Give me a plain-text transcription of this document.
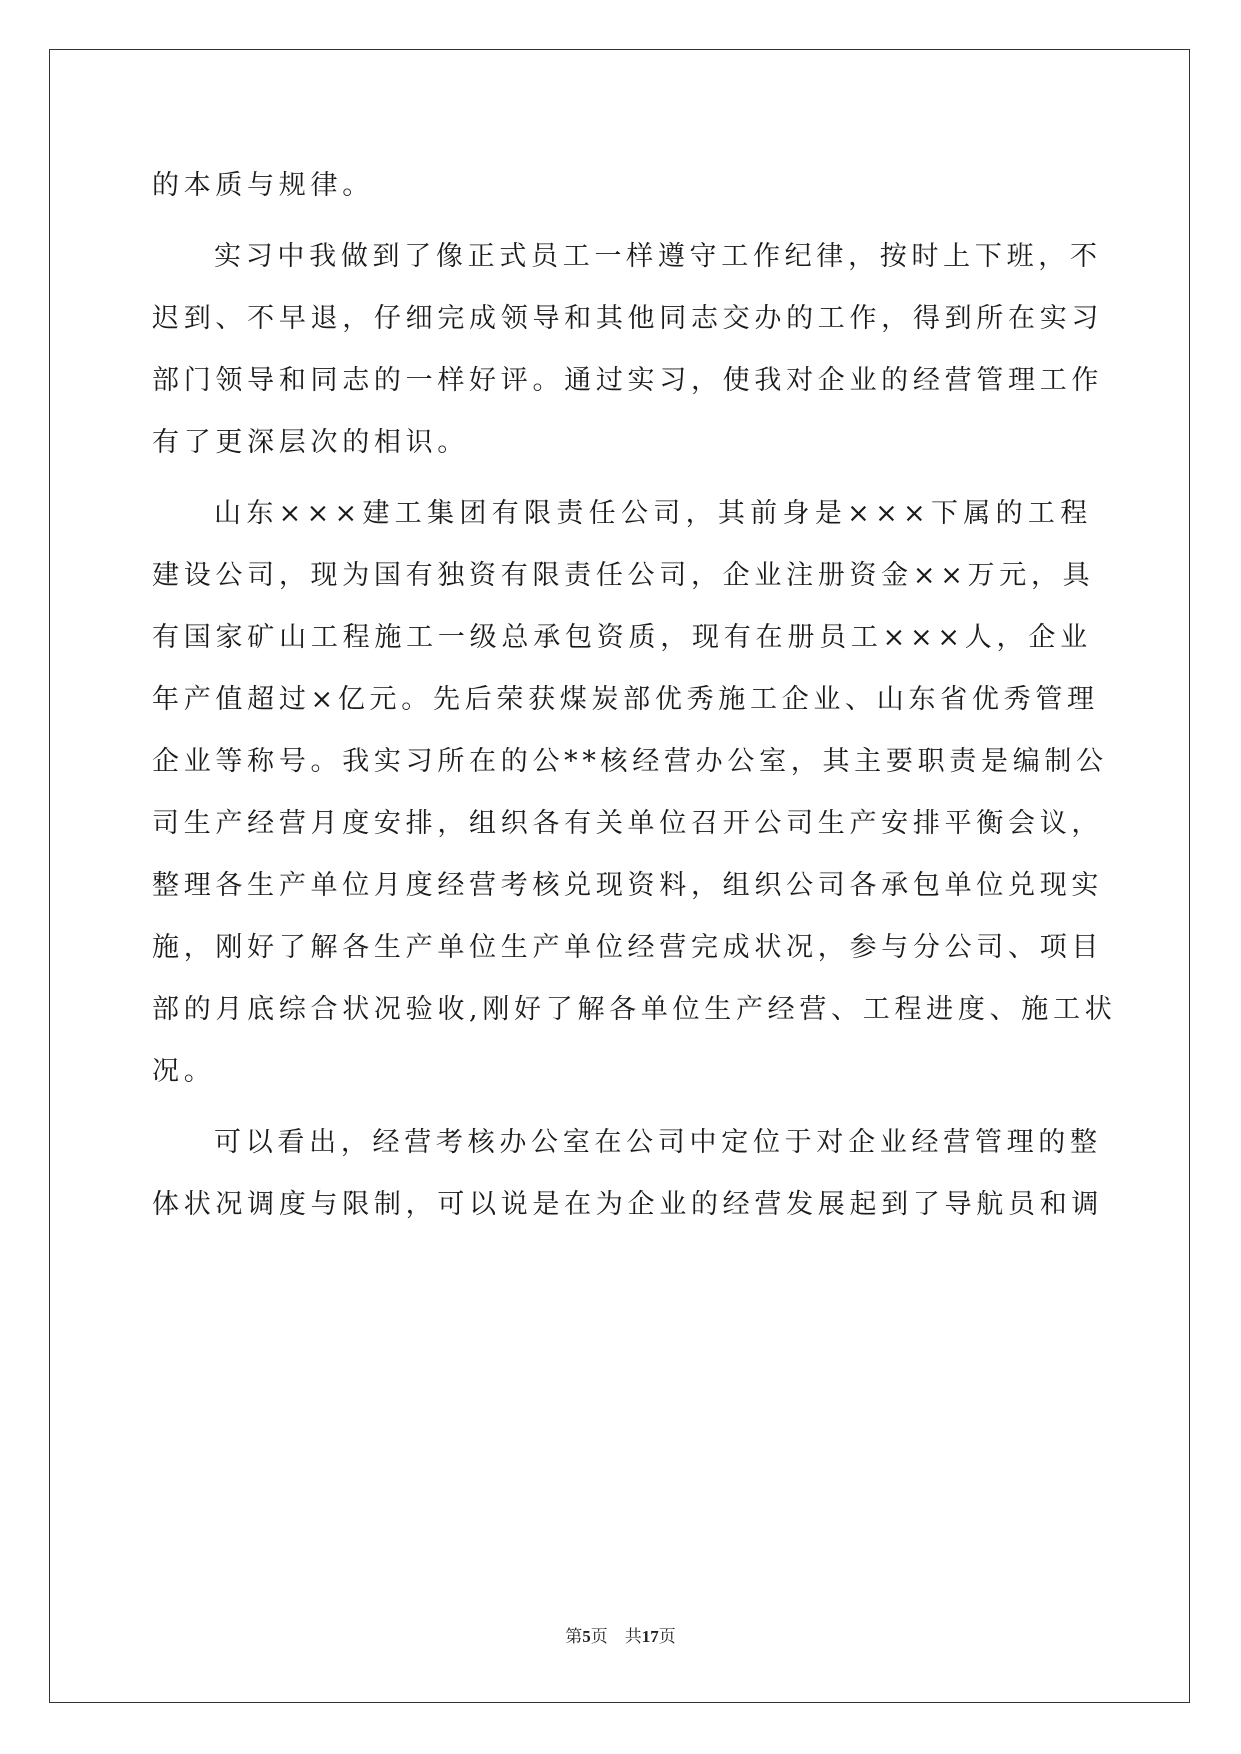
的本质与规律。
实 习 中 我 做 到 了 像 正 式 员 工 一 样 遵 守 工 作 纪 律 ， 按 时 上 下 班 ， 不
迟 到 、 不 早 退 ， 仔 细 完 成 领 导 和 其 他 同 志 交 办 的 工 作 ， 得 到 所 在 实 习
部 门 领 导 和 同 志 的 一 样 好 评 。 通 过 实 习 ， 使 我 对 企 业 的 经 营 管 理 工 作
有了更深层次的相识。
山 东 × × × 建 工 集 团 有 限 责 任 公 司 ， 其 前 身 是 × × × 下 属 的 工 程
建 设 公 司 ， 现 为 国 有 独 资 有 限 责 任 公 司 ， 企 业 注 册 资 金 × × 万 元 ， 具
有 国 家 矿 山 工 程 施 工 一 级 总 承 包 资 质 ， 现 有 在 册 员 工 × × × 人 ， 企 业
年 产 值 超 过 × 亿 元 。 先 后 荣 获 煤 炭 部 优 秀 施 工 企 业 、 山 东 省 优 秀 管 理
企 业 等 称 号 。 我 实 习 所 在 的 公 * * 核 经 营 办 公 室 ， 其 主 要 职 责 是 编 制 公
司 生 产 经 营 月 度 安 排 ， 组 织 各 有 关 单 位 召 开 公 司 生 产 安 排 平 衡 会 议 ，
整 理 各 生 产 单 位 月 度 经 营 考 核 兑 现 资 料 ， 组 织 公 司 各 承 包 单 位 兑 现 实
施 ， 刚 好 了 解 各 生 产 单 位 生 产 单 位 经 营 完 成 状 况 ， 参 与 分 公 司 、 项 目
部 的 月 底 综 合 状 况 验 收 , 刚 好 了 解 各 单 位 生 产 经 营 、 工 程 进 度 、 施 工 状
况。
可 以 看 出 ， 经 营 考 核 办 公 室 在 公 司 中 定 位 于 对 企 业 经 营 管 理 的 整
体 状 况 调 度 与 限 制 ， 可 以 说 是 在 为 企 业 的 经 营 发 展 起 到 了 导 航 员 和 调
第5页　共17页
